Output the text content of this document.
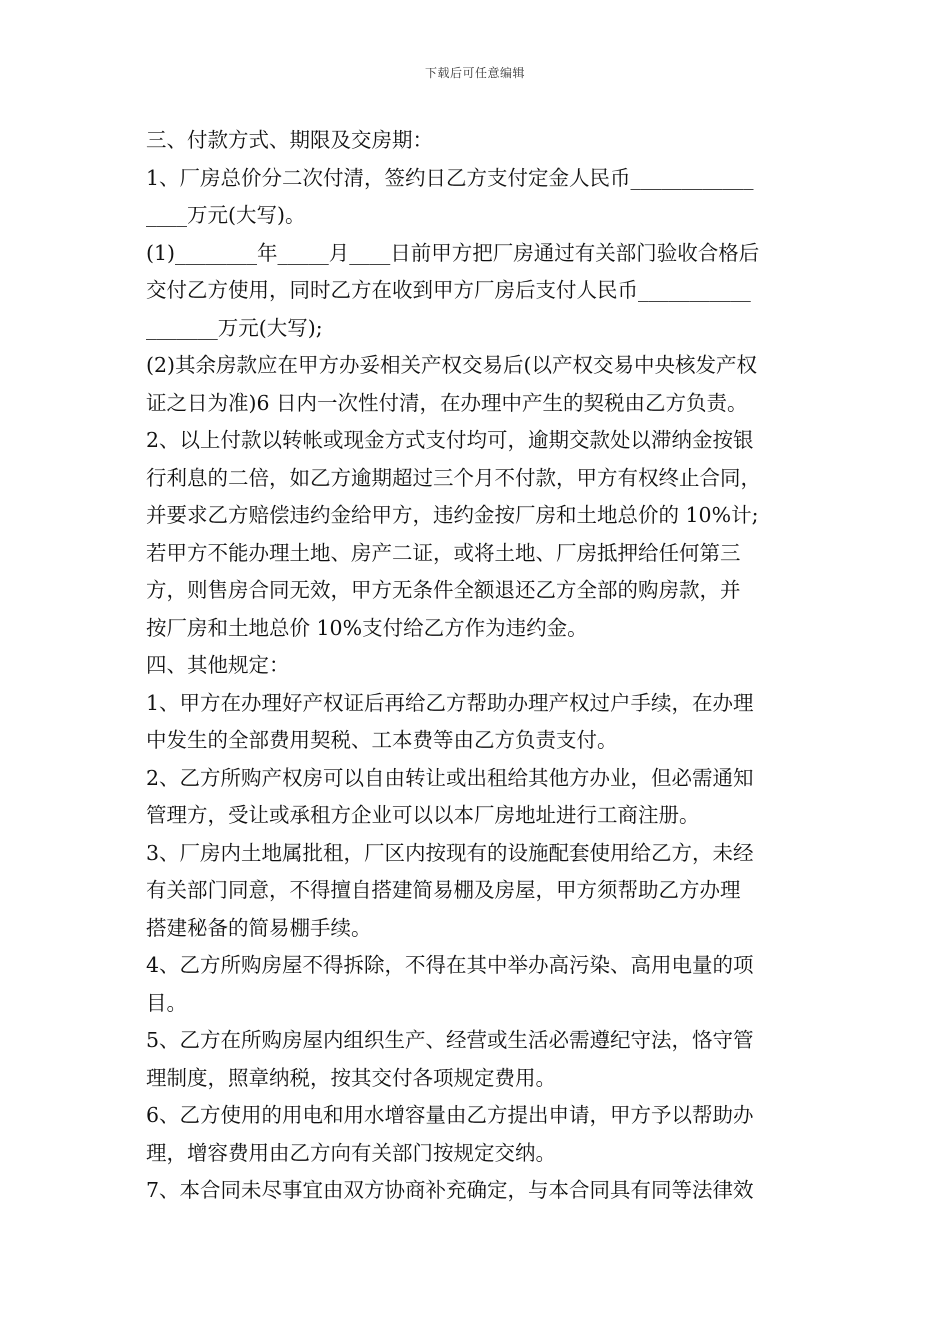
下载后可任意编辑
三、付款方式、期限及交房期：
1、厂房总价分二次付清，签约日乙方支付定金人民币____________
____万元(大写)。
(1)________年_____月____日前甲方把厂房通过有关部门验收合格后
交付乙方使用，同时乙方在收到甲方厂房后支付人民币___________
_______万元(大写);
(2)其余房款应在甲方办妥相关产权交易后(以产权交易中央核发产权
证之日为准)6 日内一次性付清，在办理中产生的契税由乙方负责。
2、以上付款以转帐或现金方式支付均可，逾期交款处以滞纳金按银
行利息的二倍，如乙方逾期超过三个月不付款，甲方有权终止合同，
并要求乙方赔偿违约金给甲方，违约金按厂房和土地总价的 10%计;
若甲方不能办理土地、房产二证，或将土地、厂房抵押给任何第三
方，则售房合同无效，甲方无条件全额退还乙方全部的购房款，并
按厂房和土地总价 10%支付给乙方作为违约金。
四、其他规定：
1、甲方在办理好产权证后再给乙方帮助办理产权过户手续，在办理
中发生的全部费用契税、工本费等由乙方负责支付。
2、乙方所购产权房可以自由转让或出租给其他方办业，但必需通知
管理方，受让或承租方企业可以以本厂房地址进行工商注册。
3、厂房内土地属批租，厂区内按现有的设施配套使用给乙方，未经
有关部门同意，不得擅自搭建简易棚及房屋，甲方须帮助乙方办理
搭建秘备的简易棚手续。
4、乙方所购房屋不得拆除，不得在其中举办高污染、高用电量的项
目。
5、乙方在所购房屋内组织生产、经营或生活必需遵纪守法，恪守管
理制度，照章纳税，按其交付各项规定费用。
6、乙方使用的用电和用水增容量由乙方提出申请，甲方予以帮助办
理，增容费用由乙方向有关部门按规定交纳。
7、本合同未尽事宜由双方协商补充确定，与本合同具有同等法律效
